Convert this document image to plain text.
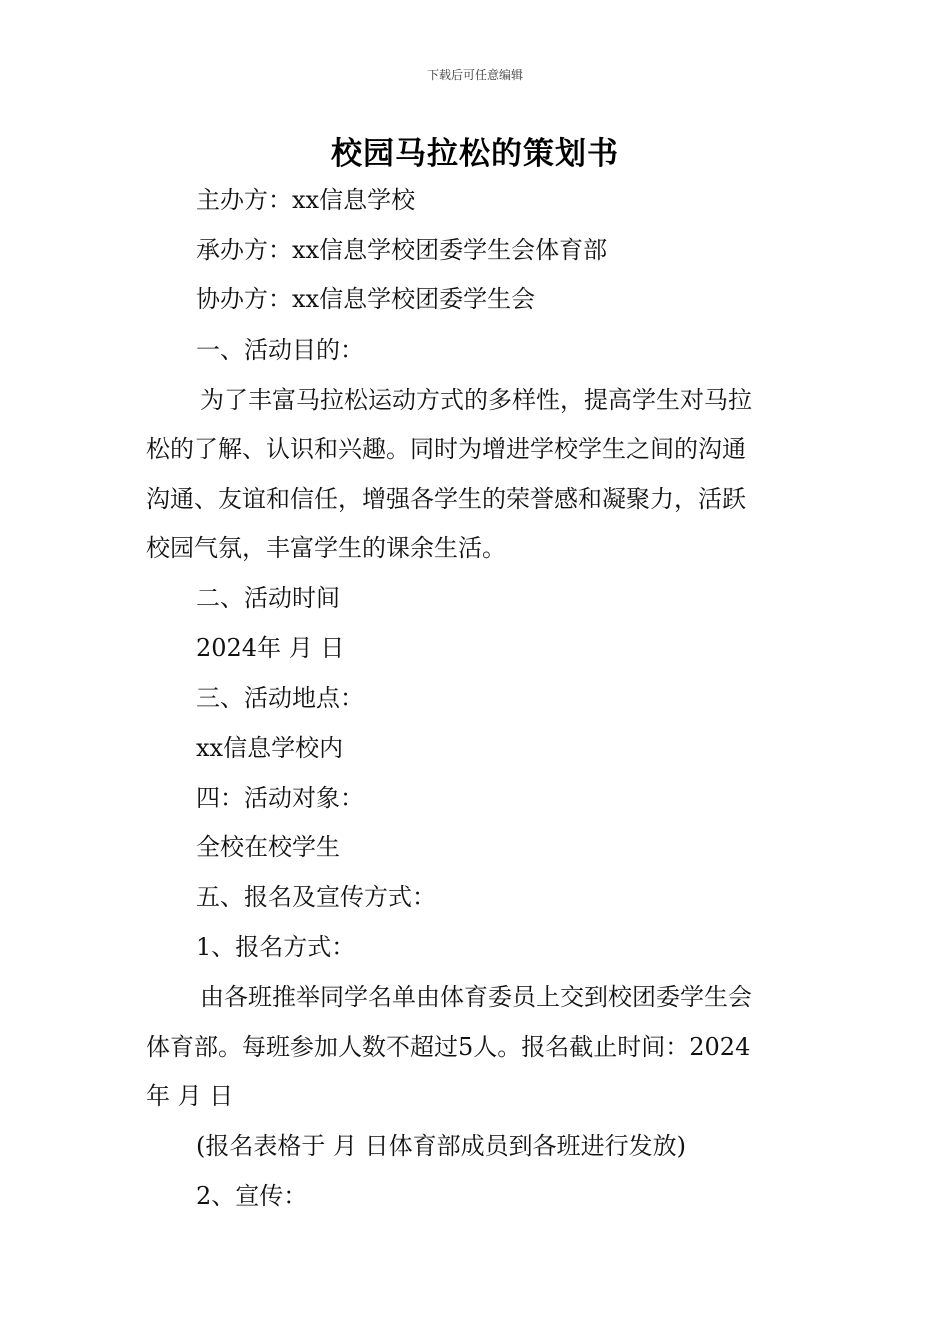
下载后可任意编辑
校园马拉松的策划书
主办方：xx信息学校
承办方：xx信息学校团委学生会体育部
协办方：xx信息学校团委学生会
一、活动目的：
为了丰富马拉松运动方式的多样性，提高学生对马拉
松的了解、认识和兴趣。同时为增进学校学生之间的沟通
沟通、友谊和信任，增强各学生的荣誉感和凝聚力，活跃
校园气氛，丰富学生的课余生活。
二、活动时间
2024年 月 日
三、活动地点：
xx信息学校内
四：活动对象：
全校在校学生
五、报名及宣传方式：
1、报名方式：
由各班推举同学名单由体育委员上交到校团委学生会
体育部。每班参加人数不超过5人。报名截止时间：2024
年 月 日
(报名表格于 月 日体育部成员到各班进行发放)
2、宣传：
